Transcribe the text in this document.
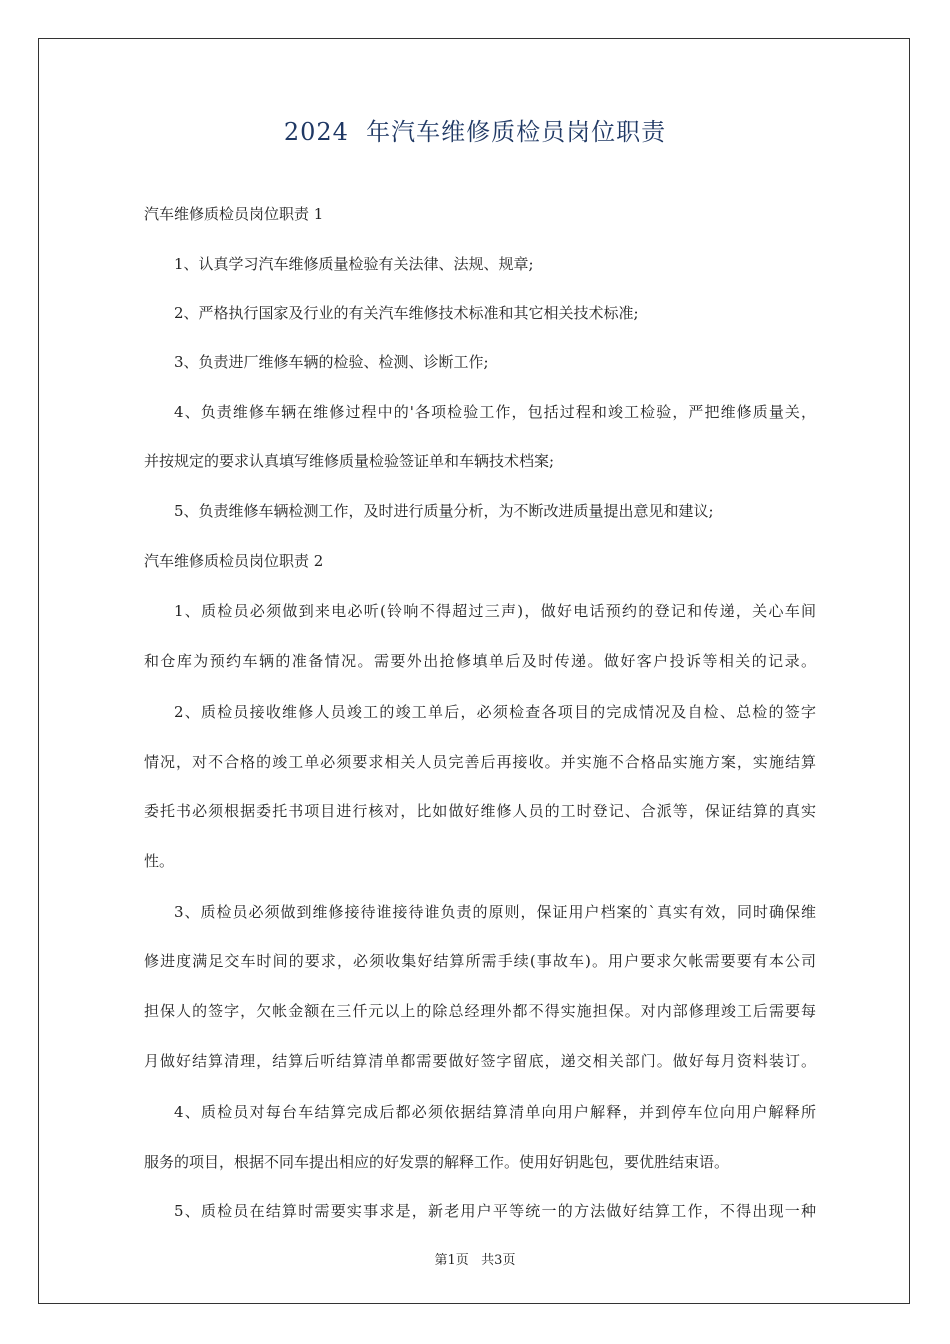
2024  年汽车维修质检员岗位职责
汽车维修质检员岗位职责 1
1、认真学习汽车维修质量检验有关法律、法规、规章;
2、严格执行国家及行业的有关汽车维修技术标准和其它相关技术标准;
3、负责进厂维修车辆的检验、检测、诊断工作;
4、负责维修车辆在维修过程中的'各项检验工作，包括过程和竣工检验，严把维修质量关，
并按规定的要求认真填写维修质量检验签证单和车辆技术档案;
5、负责维修车辆检测工作，及时进行质量分析，为不断改进质量提出意见和建议;
汽车维修质检员岗位职责 2
1、质检员必须做到来电必听(铃响不得超过三声)，做好电话预约的登记和传递，关心车间
和仓库为预约车辆的准备情况。需要外出抢修填单后及时传递。做好客户投诉等相关的记录。
2、质检员接收维修人员竣工的竣工单后，必须检查各项目的完成情况及自检、总检的签字
情况，对不合格的竣工单必须要求相关人员完善后再接收。并实施不合格品实施方案，实施结算
委托书必须根据委托书项目进行核对，比如做好维修人员的工时登记、合派等，保证结算的真实
性。
3、质检员必须做到维修接待谁接待谁负责的原则，保证用户档案的`真实有效，同时确保维
修进度满足交车时间的要求，必须收集好结算所需手续(事故车)。用户要求欠帐需要要有本公司
担保人的签字，欠帐金额在三仟元以上的除总经理外都不得实施担保。对内部修理竣工后需要每
月做好结算清理，结算后听结算清单都需要做好签字留底，递交相关部门。做好每月资料装订。
4、质检员对每台车结算完成后都必须依据结算清单向用户解释，并到停车位向用户解释所
服务的项目，根据不同车提出相应的好发票的解释工作。使用好钥匙包，要优胜结束语。
5、质检员在结算时需要实事求是，新老用户平等统一的方法做好结算工作，不得出现一种
第1页   共3页
